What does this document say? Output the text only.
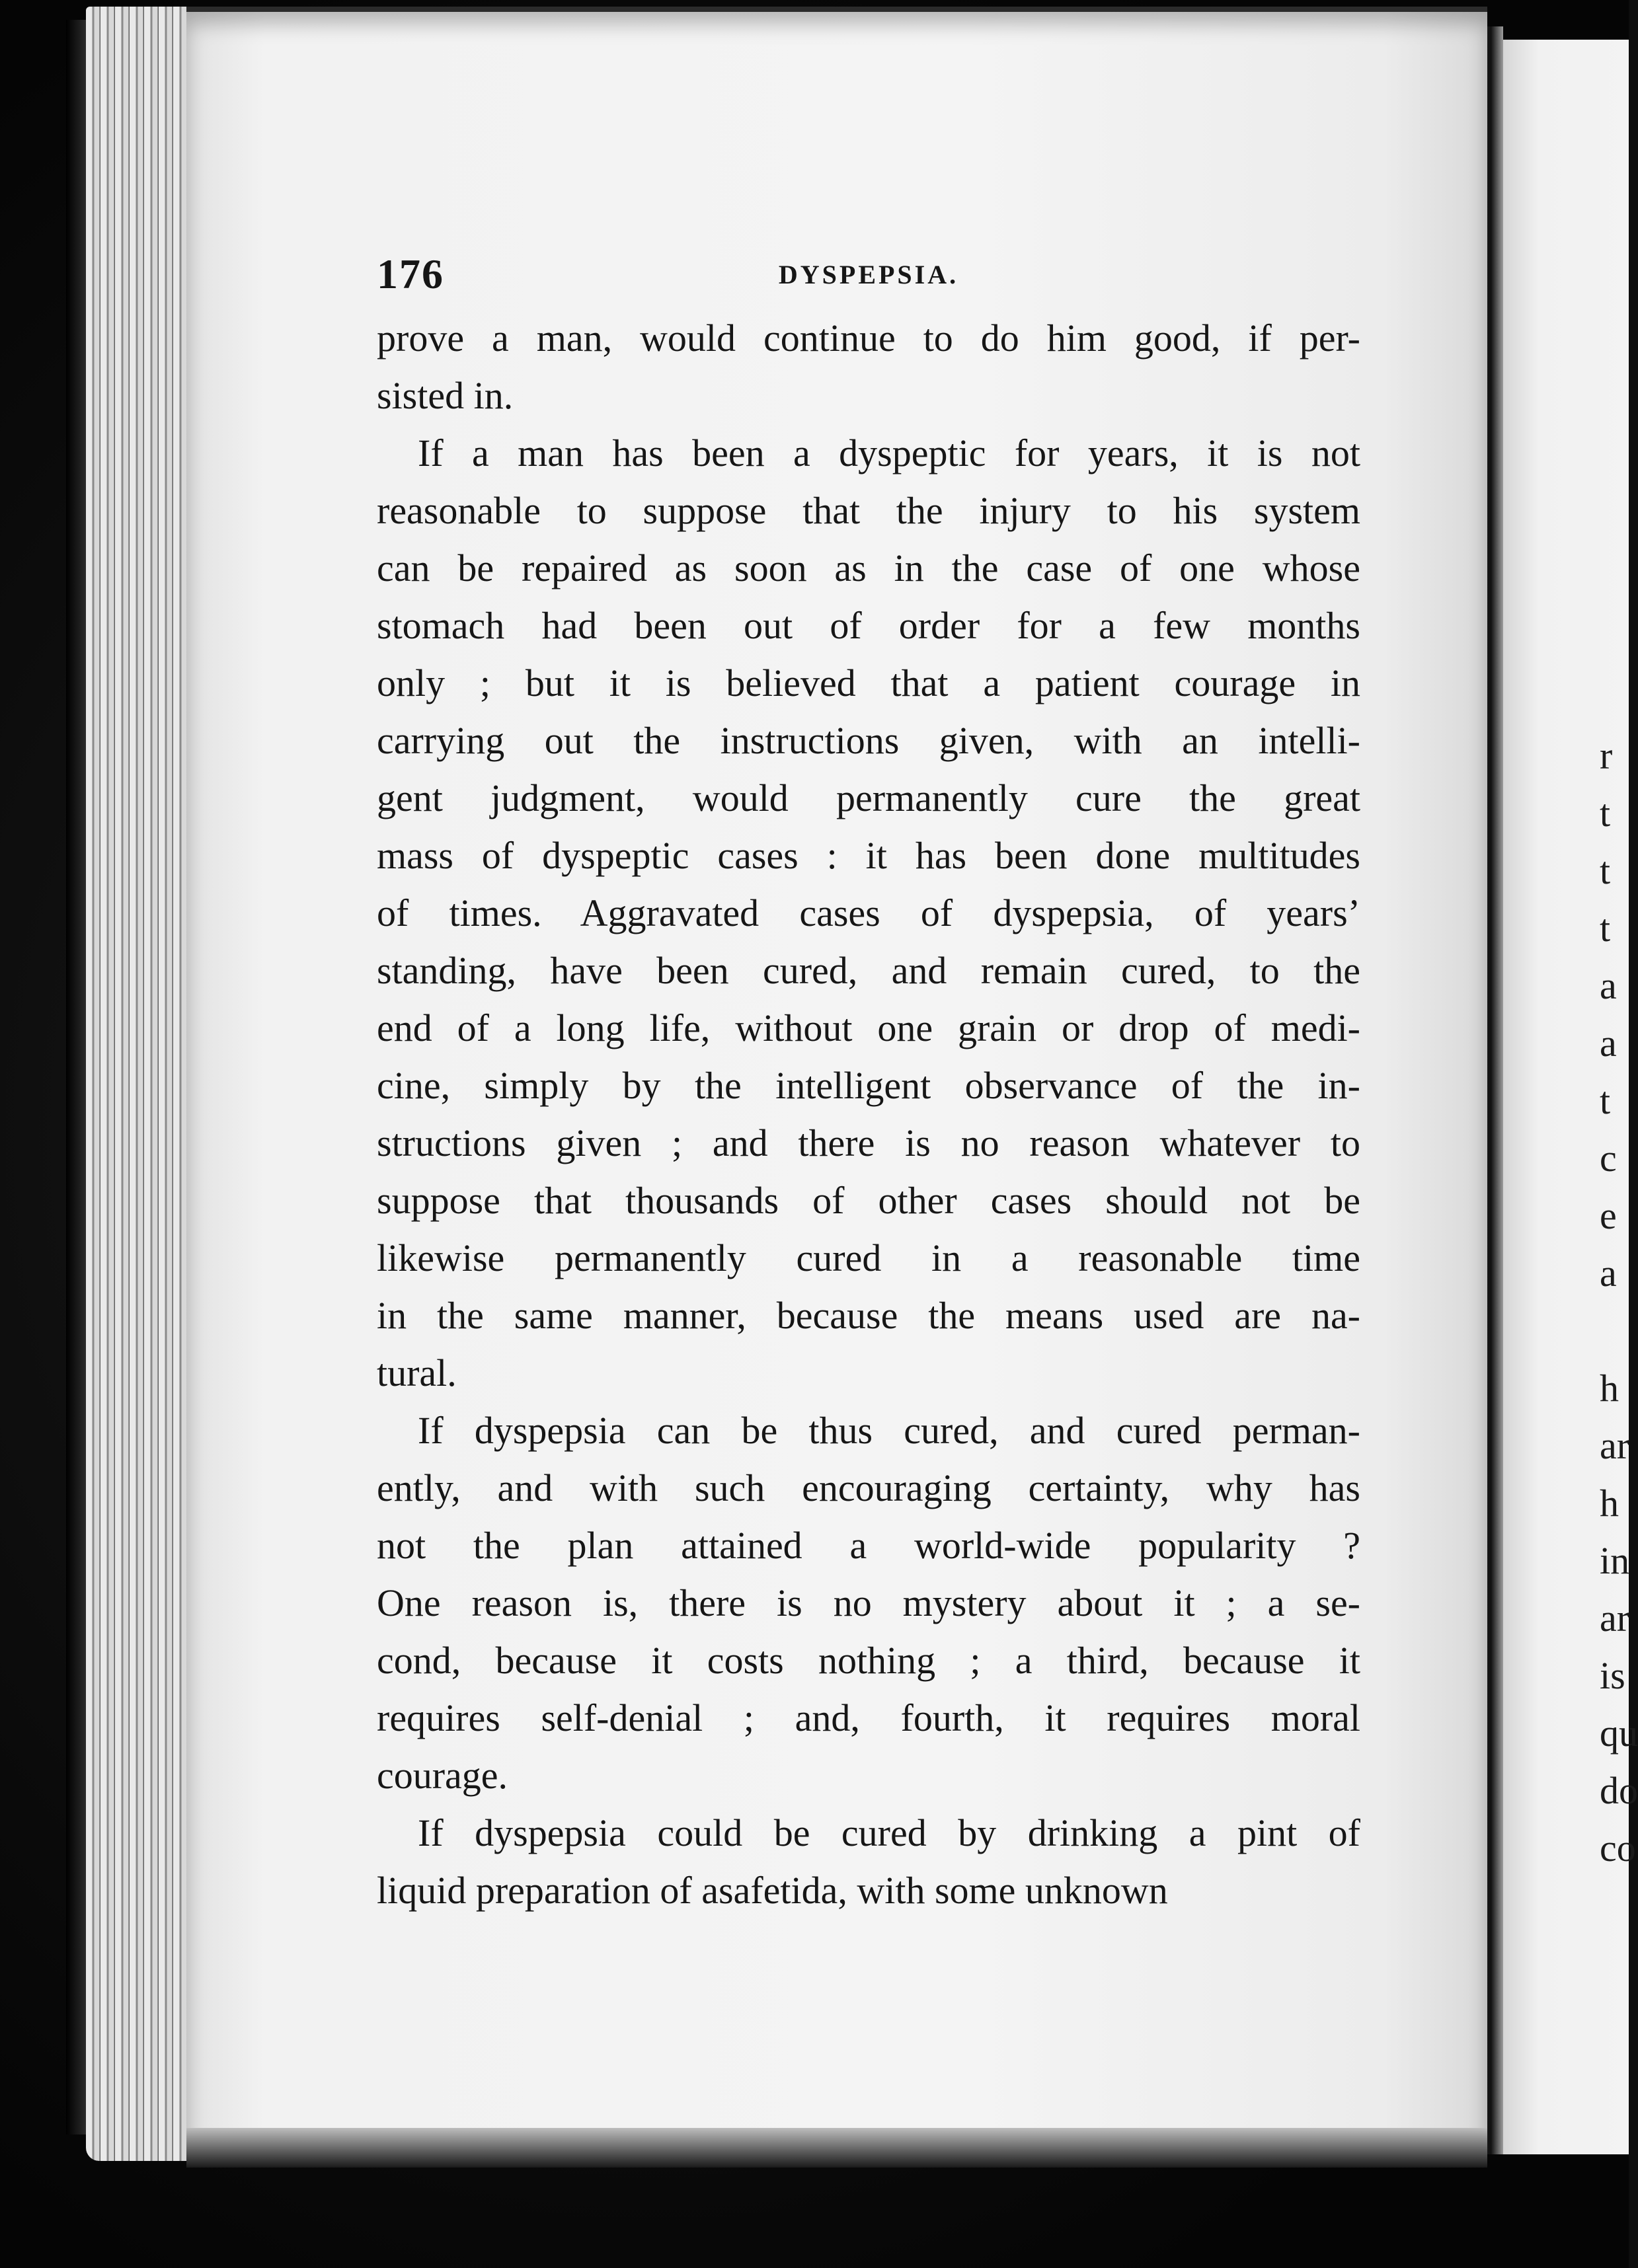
r
t
t
t
a
a
t
c
e
a
h
ar
h
in
ar
is
qu
do
co
176	DYSPEPSIA.

prove a man, would continue to do him good, if per-
sisted in.

If a man has been a dyspeptic for years, it is not
reasonable to suppose that the injury to his system
can be repaired as soon as in the case of one whose
stomach had been out of order for a few months
only ; but it is believed that a patient courage in
carrying out the instructions given, with an intelli-
gent judgment, would permanently cure the great
mass of dyspeptic cases : it has been done multitudes
of times. Aggravated cases of dyspepsia, of years’
standing, have been cured, and remain cured, to the
end of a long life, without one grain or drop of medi-
cine, simply by the intelligent observance of the in-
structions given ; and there is no reason whatever to
suppose that thousands of other cases should not be
likewise permanently cured in a reasonable time
in the same manner, because the means used are na-
tural.

If dyspepsia can be thus cured, and cured perman-
ently, and with such encouraging certainty, why has
not the plan attained a world-wide popularity ?
One reason is, there is no mystery about it ; a se-
cond, because it costs nothing ; a third, because it
requires self-denial ; and, fourth, it requires moral
courage.

If dyspepsia could be cured by drinking a pint of
liquid preparation of asafetida, with some unknown
